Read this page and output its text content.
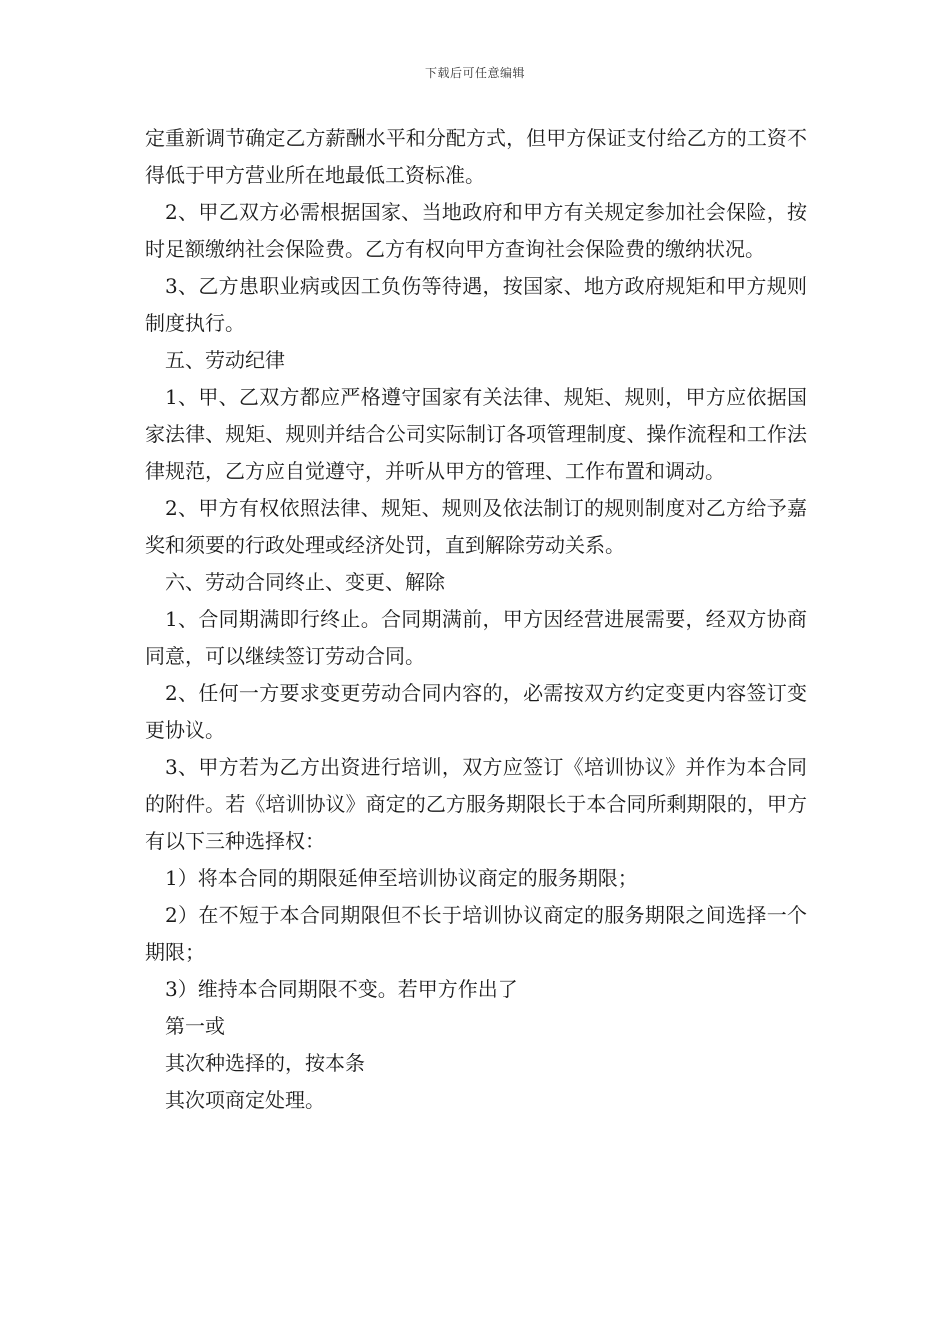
下载后可任意编辑

定重新调节确定乙方薪酬水平和分配方式，但甲方保证支付给乙方的工资不得低于甲方营业所在地最低工资标准。

2、甲乙双方必需根据国家、当地政府和甲方有关规定参加社会保险，按时足额缴纳社会保险费。乙方有权向甲方查询社会保险费的缴纳状况。

3、乙方患职业病或因工负伤等待遇，按国家、地方政府规矩和甲方规则制度执行。

五、劳动纪律

1、甲、乙双方都应严格遵守国家有关法律、规矩、规则，甲方应依据国家法律、规矩、规则并结合公司实际制订各项管理制度、操作流程和工作法律规范，乙方应自觉遵守，并听从甲方的管理、工作布置和调动。

2、甲方有权依照法律、规矩、规则及依法制订的规则制度对乙方给予嘉奖和须要的行政处理或经济处罚，直到解除劳动关系。

六、劳动合同终止、变更、解除

1、合同期满即行终止。合同期满前，甲方因经营进展需要，经双方协商同意，可以继续签订劳动合同。

2、任何一方要求变更劳动合同内容的，必需按双方约定变更内容签订变更协议。

3、甲方若为乙方出资进行培训，双方应签订《培训协议》并作为本合同的附件。若《培训协议》商定的乙方服务期限长于本合同所剩期限的，甲方有以下三种选择权：

1）将本合同的期限延伸至培训协议商定的服务期限；

2）在不短于本合同期限但不长于培训协议商定的服务期限之间选择一个期限；

3）维持本合同期限不变。若甲方作出了

第一或

其次种选择的，按本条

其次项商定处理。
